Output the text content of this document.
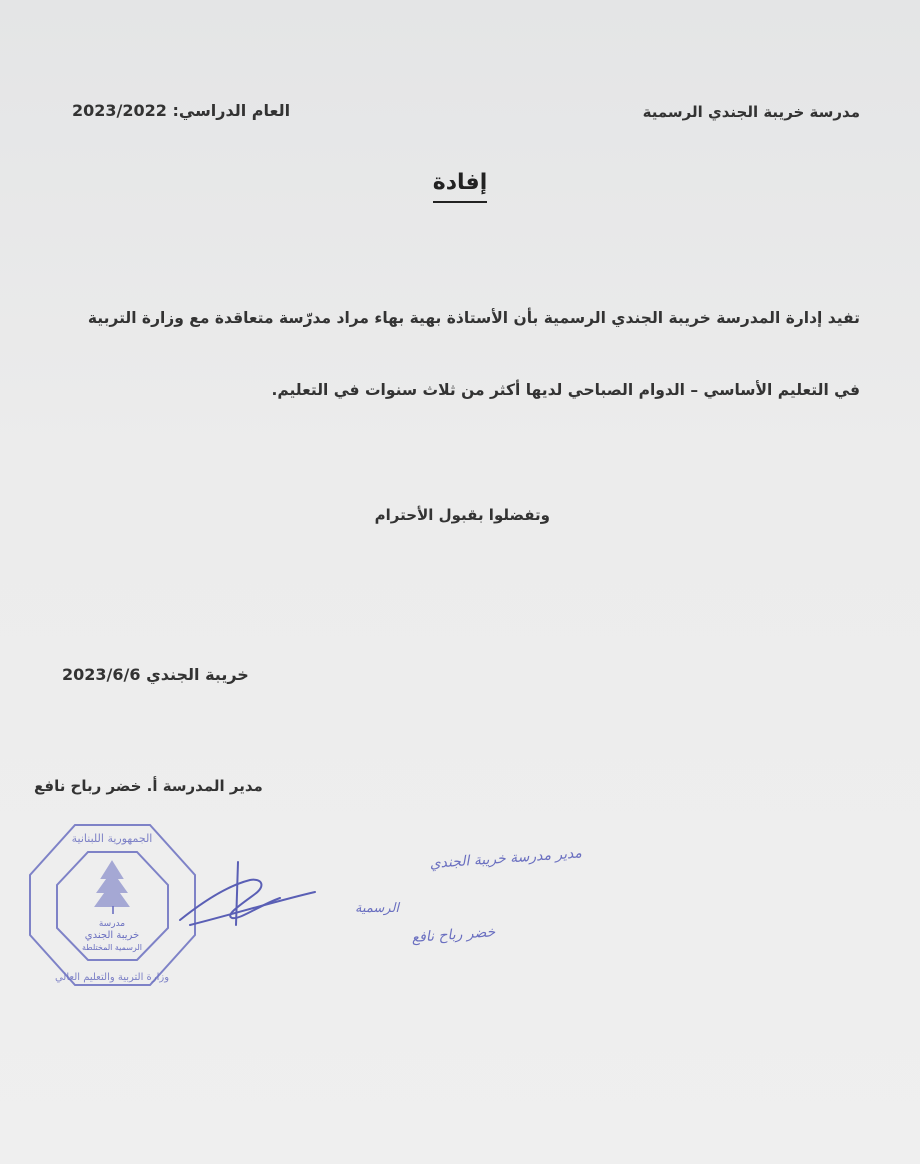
مدرسة خريبة الجندي الرسمية
العام الدراسي: 2023/2022
إفادة
تفيد إدارة المدرسة خريبة الجندي الرسمية بأن الأستاذة بهية بهاء مراد مدرّسة متعاقدة مع وزارة التربية
في التعليم الأساسي – الدوام الصباحي لديها أكثر من ثلاث سنوات في التعليم.
وتفضلوا بقبول الأحترام
خريبة الجندي 2023/6/6
مدير المدرسة أ. خضر رباح نافع
الجمهورية اللبنانية
وزارة التربية والتعليم العالي
مدرسة
خريبة الجندي
الرسمية المختلطة
مدير مدرسة خريبة الجندي
الرسمية
خضر رباح نافع
